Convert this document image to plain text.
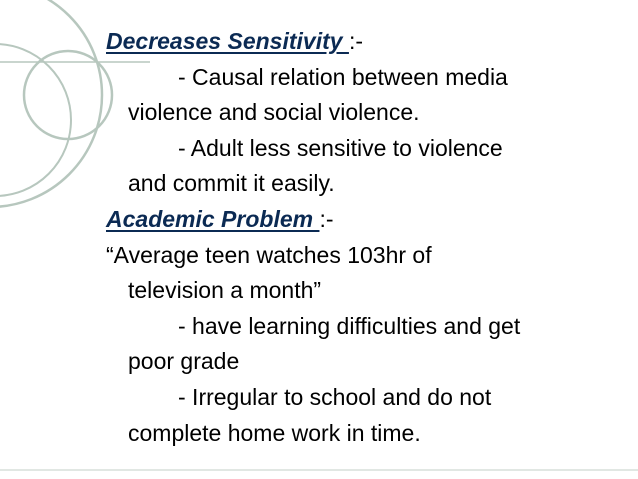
Decreases Sensitivity :-
- Causal relation between media
violence and social violence.
- Adult less sensitive to violence
and commit it easily.
Academic Problem :-
“Average teen watches 103hr of
television a month”
- have learning difficulties and get
poor grade
- Irregular to school and do not
complete home work in time.
